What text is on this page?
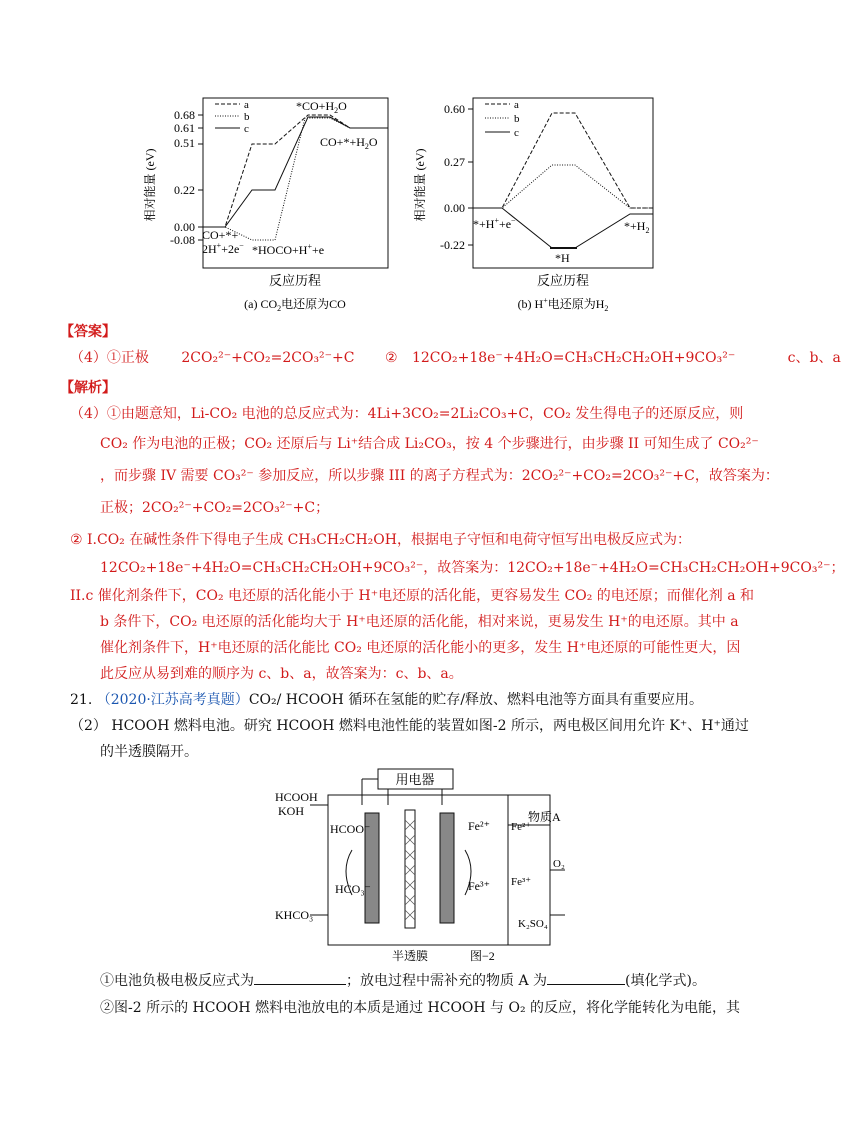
0.68
0.61
0.51
0.22
0.00
-0.08
相对能量 (eV)
a
b
c
$*CO+H_2O$
$CO+*+H_2O$
CO+*+
2H++2e− *HOCO+H++e
反应历程
(a) $CO_2$电还原为CO
0.60
0.27
0.00
-0.22
相对能量 (eV)
a
b
c
*+H++e−	$*+H_2$
*H
反应历程
(b) H+电还原为$H_2$
【答案】
（4）①正极 2CO₂²⁻+CO₂=2CO₃²⁻+C ② 12CO₂+18e⁻+4H₂O=CH₃CH₂CH₂OH+9CO₃²⁻	c、b、a
【解析】
（4）①由题意知，Li-CO₂ 电池的总反应式为：4Li+3CO₂=2Li₂CO₃+C，CO₂ 发生得电子的还原反应，则
CO₂ 作为电池的正极；CO₂ 还原后与 Li⁺结合成 Li₂CO₃，按 4 个步骤进行，由步骤 II 可知生成了 CO₂²⁻
，而步骤 IV 需要 CO₃²⁻ 参加反应，所以步骤 III 的离子方程式为：2CO₂²⁻+CO₂=2CO₃²⁻+C，故答案为：
正极；2CO₂²⁻+CO₂=2CO₃²⁻+C；
② I.CO₂ 在碱性条件下得电子生成 CH₃CH₂CH₂OH，根据电子守恒和电荷守恒写出电极反应式为：
12CO₂+18e⁻+4H₂O=CH₃CH₂CH₂OH+9CO₃²⁻，故答案为：12CO₂+18e⁻+4H₂O=CH₃CH₂CH₂OH+9CO₃²⁻；
II.c 催化剂条件下，CO₂ 电还原的活化能小于 H⁺电还原的活化能，更容易发生 CO₂ 的电还原；而催化剂 a 和
b 条件下，CO₂ 电还原的活化能均大于 H⁺电还原的活化能，相对来说，更易发生 H⁺的电还原。其中 a
催化剂条件下，H⁺电还原的活化能比 CO₂ 电还原的活化能小的更多，发生 H⁺电还原的可能性更大，因
此反应从易到难的顺序为 c、b、a，故答案为：c、b、a。
21. （2020·江苏高考真题）CO₂/ HCOOH 循环在氢能的贮存/释放、燃料电池等方面具有重要应用。
（2） HCOOH 燃料电池。研究 HCOOH 燃料电池性能的装置如图-2 所示，两电极区间用允许 K⁺、H⁺通过
的半透膜隔开。
用电器
HCOOH
KOH
KHCO₃
HCOO⁻
HCO₃⁻
Fe²⁺
Fe³⁺
Fe²⁺
Fe³⁺
物质A
O₂
K₂SO₄
半透膜	图−2
①电池负极电极反应式为	；放电过程中需补充的物质 A 为	(填化学式)。
②图-2 所示的 HCOOH 燃料电池放电的本质是通过 HCOOH 与 O₂ 的反应，将化学能转化为电能，其
